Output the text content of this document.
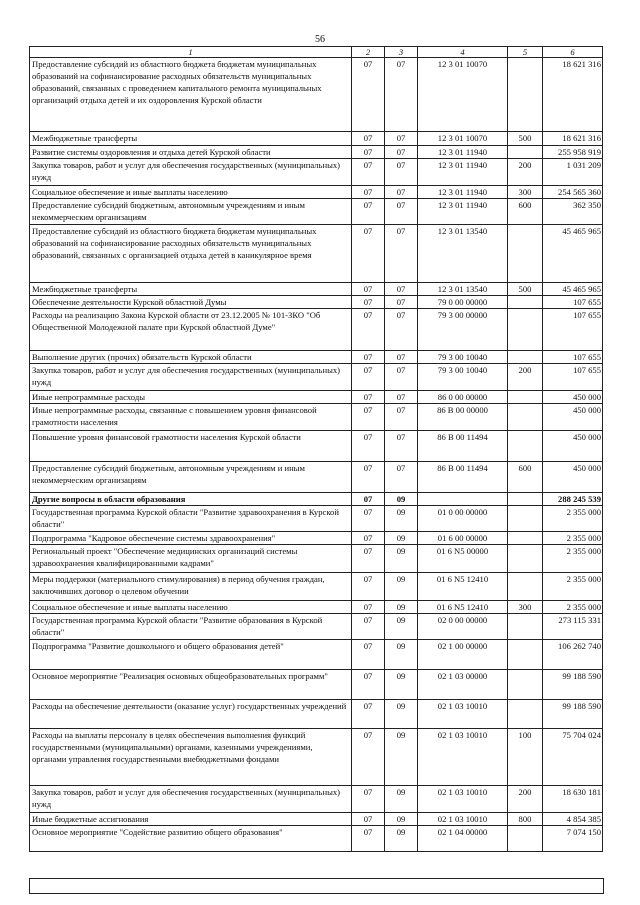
56
1	2	3	4	5	6
Предоставление субсидий из областного бюджета бюджетам муниципальных образований на софинансирование расходных обязательств муниципальных образований, связанных с проведением капитального ремонта муниципальных организаций отдыха детей и их оздоровления Курской области	07	07	12 3 01 10070		18 621 316
Межбюджетные трансферты	07	07	12 3 01 10070	500	18 621 316
Развитие системы оздоровления и отдыха детей Курской области	07	07	12 3 01 11940		255 958 919
Закупка товаров, работ и услуг для обеспечения государственных (муниципальных) нужд	07	07	12 3 01 11940	200	1 031 209
Социальное обеспечение и иные выплаты населению	07	07	12 3 01 11940	300	254 565 360
Предоставление субсидий бюджетным, автономным учреждениям и иным некоммерческим организациям	07	07	12 3 01 11940	600	362 350
Предоставление субсидий из областного бюджета бюджетам муниципальных образований на софинансирование расходных обязательств муниципальных образований, связанных с организацией отдыха детей в каникулярное время	07	07	12 3 01 13540		45 465 965
Межбюджетные трансферты	07	07	12 3 01 13540	500	45 465 965
Обеспечение деятельности Курской областной Думы	07	07	79 0 00 00000		107 655
Расходы на реализацию Закона Курской области от 23.12.2005 № 101-ЗКО "Об Общественной Молодежной палате при Курской областной Думе"	07	07	79 3 00 00000		107 655
Выполнение других (прочих) обязательств Курской области	07	07	79 3 00 10040		107 655
Закупка товаров, работ и услуг для обеспечения государственных (муниципальных) нужд	07	07	79 3 00 10040	200	107 655
Иные непрограммные расходы	07	07	86 0 00 00000		450 000
Иные непрограммные расходы, связанные с повышением уровня финансовой грамотности населения	07	07	86 В 00 00000		450 000
Повышение уровня финансовой грамотности населения Курской области	07	07	86 В 00 11494		450 000
Предоставление субсидий бюджетным, автономным учреждениям и иным некоммерческим организациям	07	07	86 В 00 11494	600	450 000
Другие вопросы в области образования	07	09			288 245 539
Государственная программа Курской области "Развитие здравоохранения в Курской области"	07	09	01 0 00 00000		2 355 000
Подпрограмма "Кадровое обеспечение системы здравоохранения"	07	09	01 6 00 00000		2 355 000
Региональный проект "Обеспечение медицинских организаций системы здравоохранения квалифицированными кадрами"	07	09	01 6 N5 00000		2 355 000
Меры поддержки (материального стимулирования) в период обучения граждан, заключивших договор о целевом обучении	07	09	01 6 N5 12410		2 355 000
Социальное обеспечение и иные выплаты населению	07	09	01 6 N5 12410	300	2 355 000
Государственная программа Курской области "Развитие образования в Курской области"	07	09	02 0 00 00000		273 115 331
Подпрограмма "Развитие дошкольного и общего образования детей"	07	09	02 1 00 00000		106 262 740
Основное мероприятие "Реализация основных общеобразовательных программ"	07	09	02 1 03 00000		99 188 590
Расходы на обеспечение деятельности (оказание услуг) государственных учреждений	07	09	02 1 03 10010		99 188 590
Расходы на выплаты персоналу в целях обеспечения выполнения функций государственными (муниципальными) органами, казенными учреждениями, органами управления государственными внебюджетными фондами	07	09	02 1 03 10010	100	75 704 024
Закупка товаров, работ и услуг для обеспечения государственных (муниципальных) нужд	07	09	02 1 03 10010	200	18 630 181
Иные бюджетные ассигнования	07	09	02 1 03 10010	800	4 854 385
Основное мероприятие "Содействие развитию общего образования"	07	09	02 1 04 00000		7 074 150
